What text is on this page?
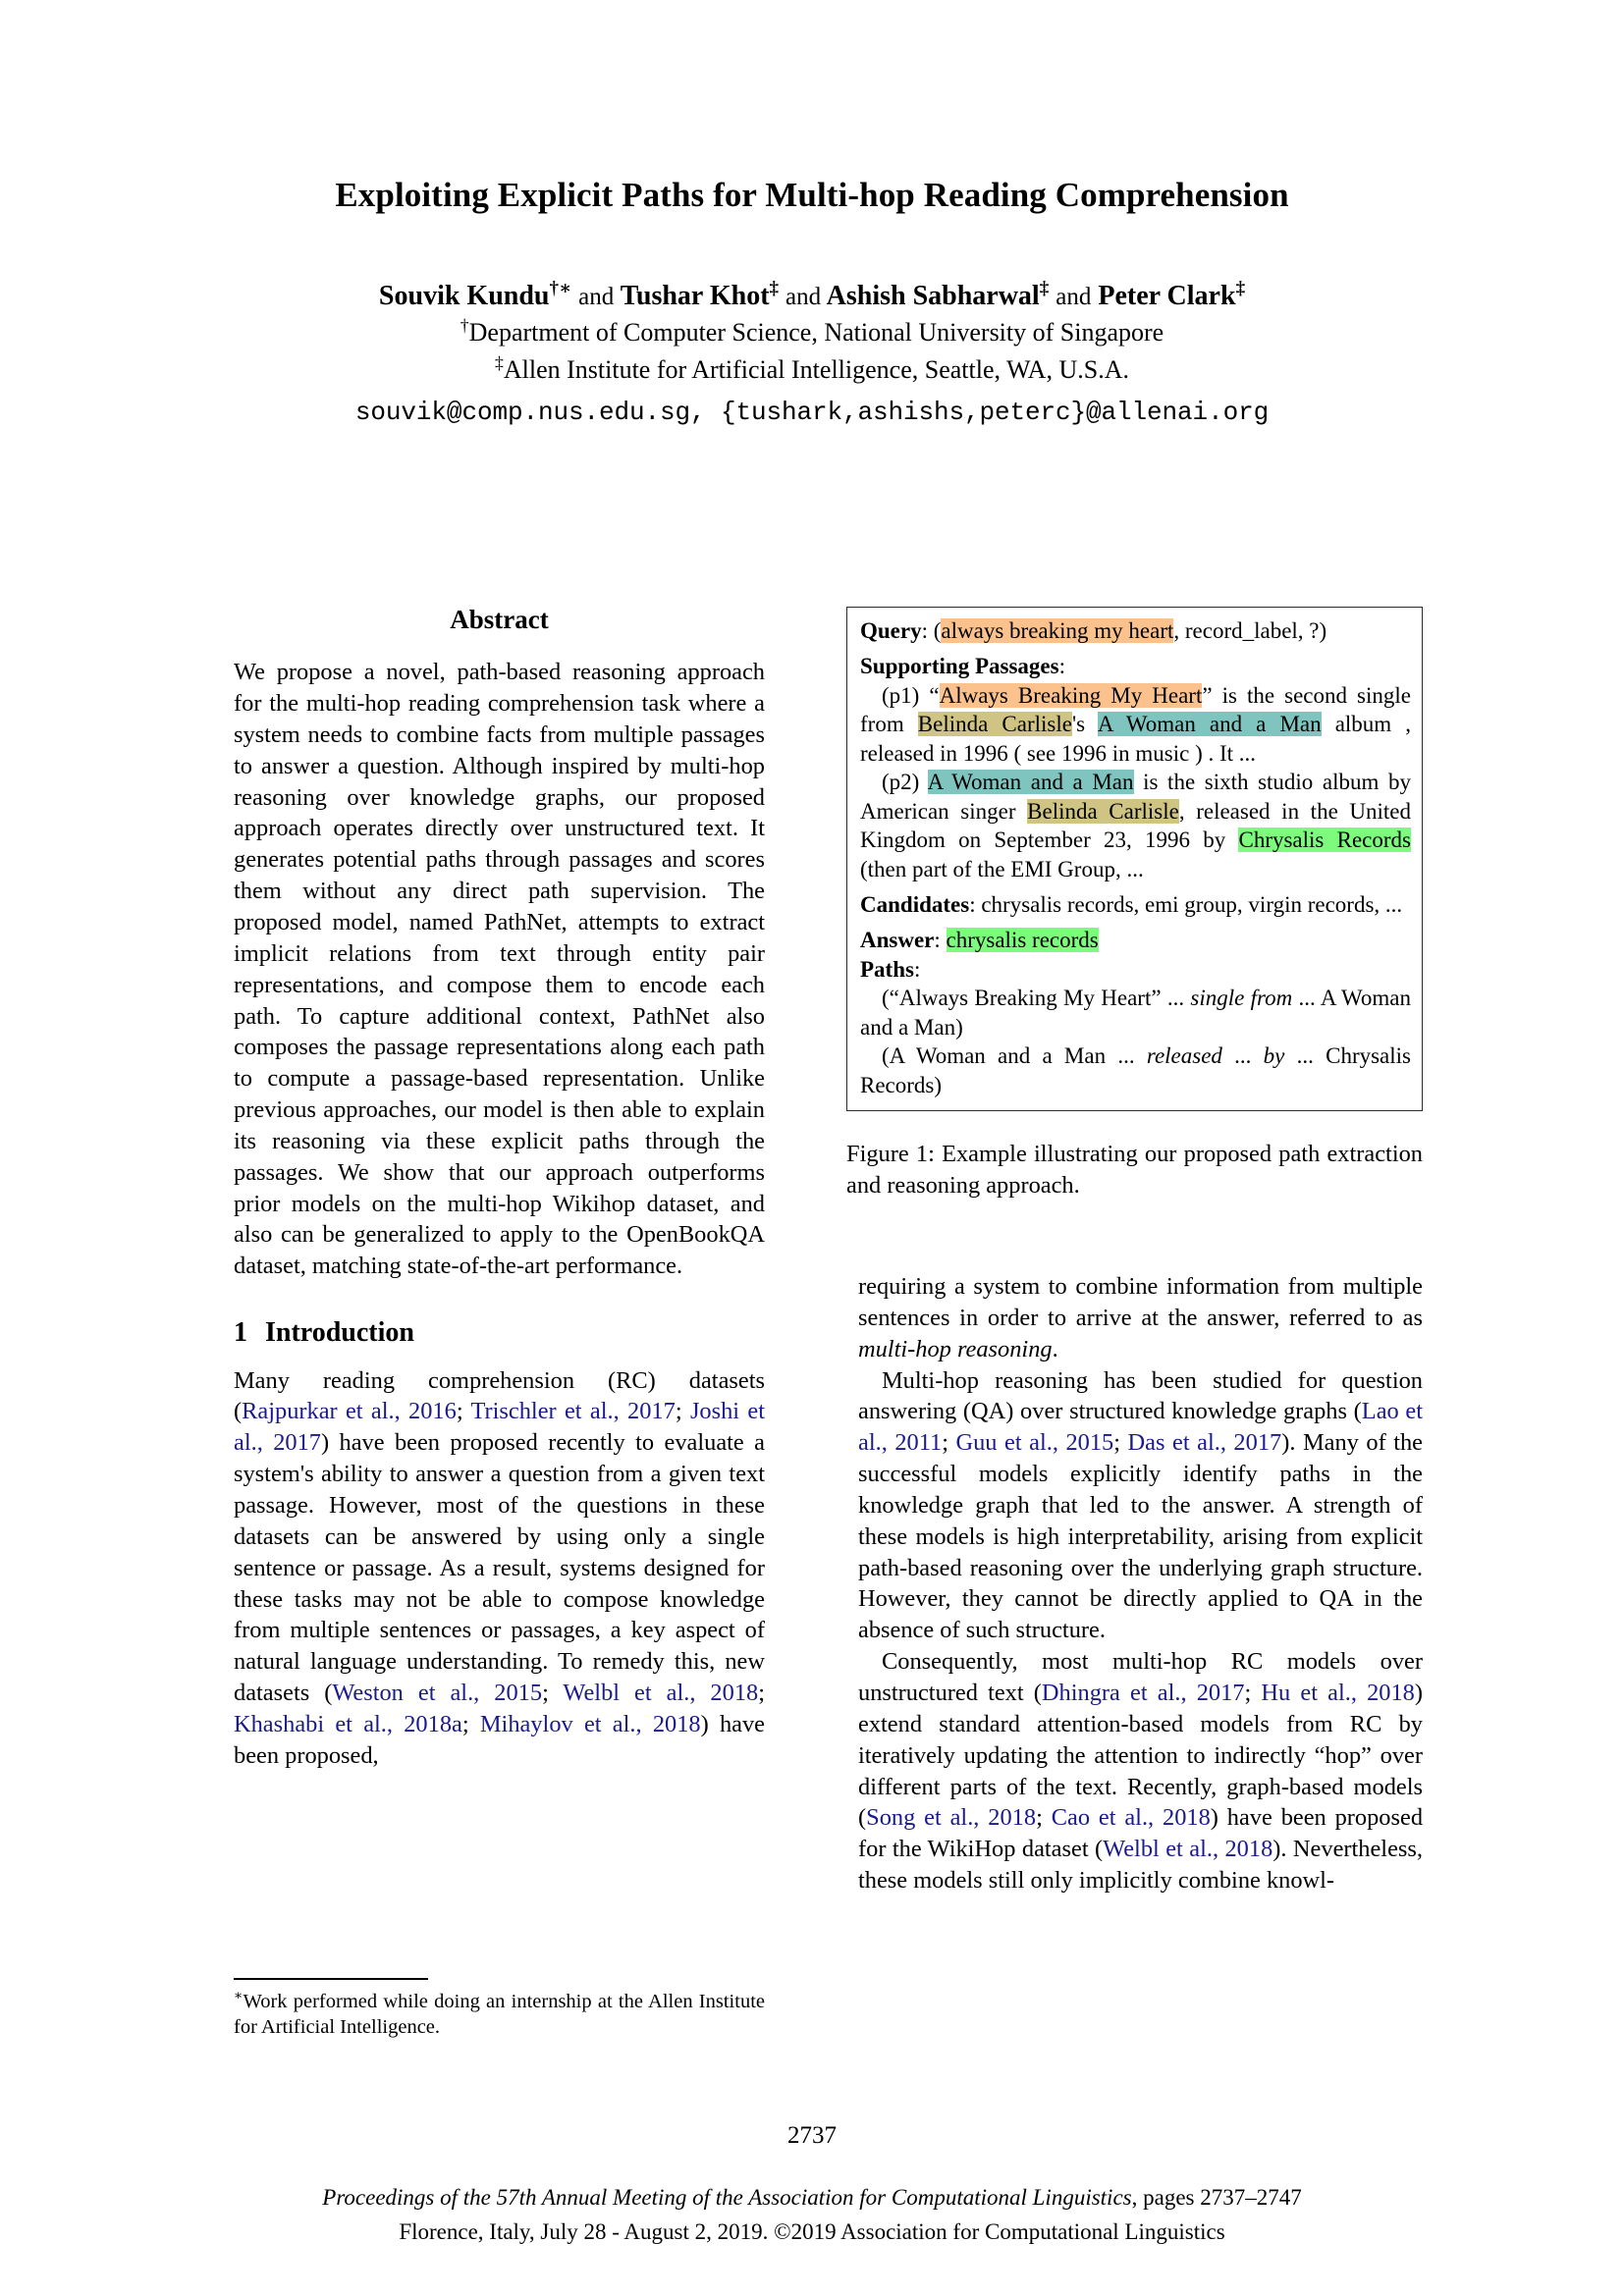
Exploiting Explicit Paths for Multi-hop Reading Comprehension
Souvik Kundu†∗ and Tushar Khot‡ and Ashish Sabharwal‡ and Peter Clark‡
†Department of Computer Science, National University of Singapore
‡Allen Institute for Artificial Intelligence, Seattle, WA, U.S.A.
souvik@comp.nus.edu.sg, {tushark,ashishs,peterc}@allenai.org
Abstract

We propose a novel, path-based reasoning approach for the multi-hop reading comprehension task where a system needs to combine facts from multiple passages to answer a question. Although inspired by multi-hop reasoning over knowledge graphs, our proposed approach operates directly over unstructured text. It generates potential paths through passages and scores them without any direct path supervision. The proposed model, named PathNet, attempts to extract implicit relations from text through entity pair representations, and compose them to encode each path. To capture additional context, PathNet also composes the passage representations along each path to compute a passage-based representation. Unlike previous approaches, our model is then able to explain its reasoning via these explicit paths through the passages. We show that our approach outperforms prior models on the multi-hop Wikihop dataset, and also can be generalized to apply to the OpenBookQA dataset, matching state-of-the-art performance.

1 Introduction

Many reading comprehension (RC) datasets (Rajpurkar et al., 2016; Trischler et al., 2017; Joshi et al., 2017) have been proposed recently to evaluate a system's ability to answer a question from a given text passage. However, most of the questions in these datasets can be answered by using only a single sentence or passage. As a result, systems designed for these tasks may not be able to compose knowledge from multiple sentences or passages, a key aspect of natural language understanding. To remedy this, new datasets (Weston et al., 2015; Welbl et al., 2018; Khashabi et al., 2018a; Mihaylov et al., 2018) have been proposed,

∗Work performed while doing an internship at the Allen Institute for Artificial Intelligence.
Query: (always breaking my heart, record_label, ?)
Supporting Passages:
(p1) “Always Breaking My Heart” is the second single from Belinda Carlisle's A Woman and a Man album , released in 1996 ( see 1996 in music ) . It ...
(p2) A Woman and a Man is the sixth studio album by American singer Belinda Carlisle, released in the United Kingdom on September 23, 1996 by Chrysalis Records (then part of the EMI Group, ...
Candidates: chrysalis records, emi group, virgin records, ...
Answer: chrysalis records
Paths:
(“Always Breaking My Heart” ... single from ... A Woman and a Man)
(A Woman and a Man ... released ... by ... Chrysalis Records)
Figure 1: Example illustrating our proposed path extraction and reasoning approach.

requiring a system to combine information from multiple sentences in order to arrive at the answer, referred to as multi-hop reasoning.

Multi-hop reasoning has been studied for question answering (QA) over structured knowledge graphs (Lao et al., 2011; Guu et al., 2015; Das et al., 2017). Many of the successful models explicitly identify paths in the knowledge graph that led to the answer. A strength of these models is high interpretability, arising from explicit path-based reasoning over the underlying graph structure. However, they cannot be directly applied to QA in the absence of such structure.

Consequently, most multi-hop RC models over unstructured text (Dhingra et al., 2017; Hu et al., 2018) extend standard attention-based models from RC by iteratively updating the attention to indirectly “hop” over different parts of the text. Recently, graph-based models (Song et al., 2018; Cao et al., 2018) have been proposed for the WikiHop dataset (Welbl et al., 2018). Nevertheless, these models still only implicitly combine knowl-

2737
Proceedings of the 57th Annual Meeting of the Association for Computational Linguistics, pages 2737–2747
Florence, Italy, July 28 - August 2, 2019. ©2019 Association for Computational Linguistics
